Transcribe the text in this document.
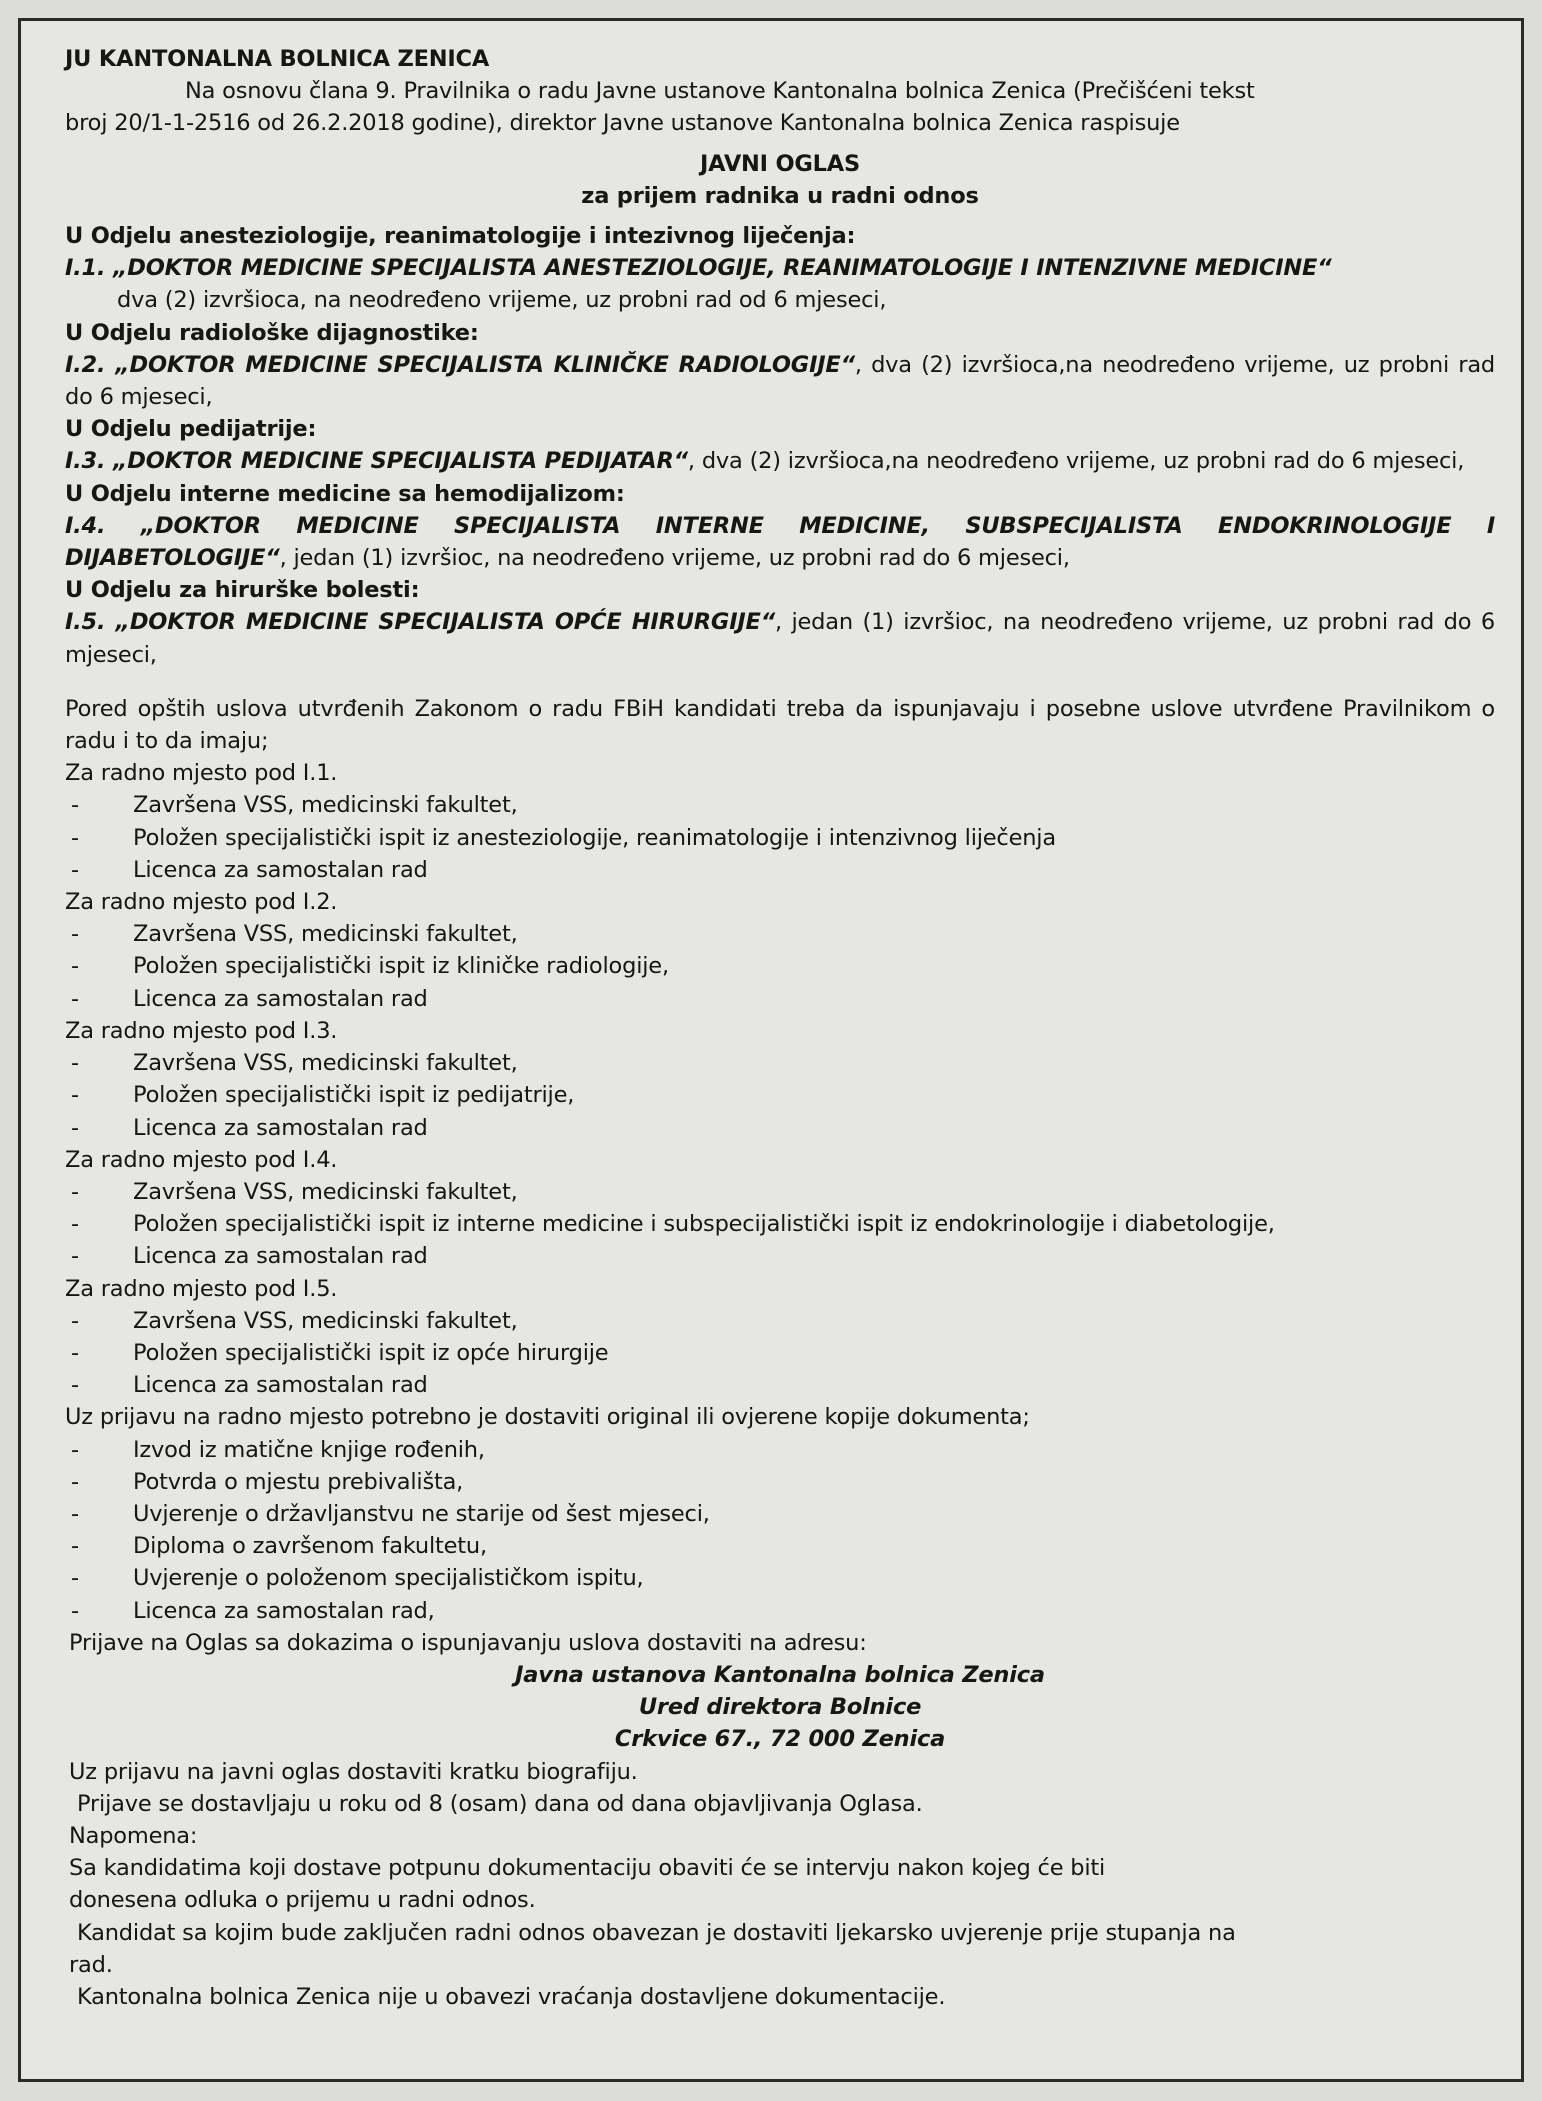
JU KANTONALNA BOLNICA ZENICA
Na osnovu člana 9. Pravilnika o radu Javne ustanove Kantonalna bolnica Zenica (Prečišćeni tekst
broj 20/1-1-2516 od 26.2.2018 godine), direktor Javne ustanove Kantonalna bolnica Zenica raspisuje
JAVNI OGLAS
za prijem radnika u radni odnos
U Odjelu anesteziologije, reanimatologije i intezivnog liječenja:
I.1. „DOKTOR MEDICINE SPECIJALISTA ANESTEZIOLOGIJE, REANIMATOLOGIJE I INTENZIVNE MEDICINE“
dva (2) izvršioca, na neodređeno vrijeme, uz probni rad od 6 mjeseci,
U Odjelu radiološke dijagnostike:
I.2. „DOKTOR MEDICINE SPECIJALISTA KLINIČKE RADIOLOGIJE“, dva (2) izvršioca,na neodređeno vrijeme, uz probni rad do 6 mjeseci,
U Odjelu pedijatrije:
I.3. „DOKTOR MEDICINE SPECIJALISTA PEDIJATAR“, dva (2) izvršioca,na neodređeno vrijeme, uz probni rad do 6 mjeseci,
U Odjelu interne medicine sa hemodijalizom:
I.4. „DOKTOR MEDICINE SPECIJALISTA INTERNE MEDICINE, SUBSPECIJALISTA ENDOKRINOLOGIJE I DIJABETOLOGIJE“, jedan (1) izvršioc, na neodređeno vrijeme, uz probni rad do 6 mjeseci,
U Odjelu za hirurške bolesti:
I.5. „DOKTOR MEDICINE SPECIJALISTA OPĆE HIRURGIJE“, jedan (1) izvršioc, na neodređeno vrijeme, uz probni rad do 6 mjeseci,
Pored opštih uslova utvrđenih Zakonom o radu FBiH kandidati treba da ispunjavaju i posebne uslove utvrđene Pravilnikom o radu i to da imaju;
Za radno mjesto pod I.1.
-	Završena VSS, medicinski fakultet,
-	Položen specijalistički ispit iz anesteziologije, reanimatologije i intenzivnog liječenja
-	Licenca za samostalan rad
Za radno mjesto pod I.2.
-	Završena VSS, medicinski fakultet,
-	Položen specijalistički ispit iz kliničke radiologije,
-	Licenca za samostalan rad
Za radno mjesto pod I.3.
-	Završena VSS, medicinski fakultet,
-	Položen specijalistički ispit iz pedijatrije,
-	Licenca za samostalan rad
Za radno mjesto pod I.4.
-	Završena VSS, medicinski fakultet,
-	Položen specijalistički ispit iz interne medicine i subspecijalistički ispit iz endokrinologije i diabetologije,
-	Licenca za samostalan rad
Za radno mjesto pod I.5.
-	Završena VSS, medicinski fakultet,
-	Položen specijalistički ispit iz opće hirurgije
-	Licenca za samostalan rad
Uz prijavu na radno mjesto potrebno je dostaviti original ili ovjerene kopije dokumenta;
-	Izvod iz matične knjige rođenih,
-	Potvrda o mjestu prebivališta,
-	Uvjerenje o državljanstvu ne starije od šest mjeseci,
-	Diploma o završenom fakultetu,
-	Uvjerenje o položenom specijalističkom ispitu,
-	Licenca za samostalan rad,
Prijave na Oglas sa dokazima o ispunjavanju uslova dostaviti na adresu:
Javna ustanova Kantonalna bolnica Zenica
Ured direktora Bolnice
Crkvice 67., 72 000 Zenica
Uz prijavu na javni oglas dostaviti kratku biografiju.
Prijave se dostavljaju u roku od 8 (osam) dana od dana objavljivanja Oglasa.
Napomena:
Sa kandidatima koji dostave potpunu dokumentaciju obaviti će se intervju nakon kojeg će biti
donesena odluka o prijemu u radni odnos.
Kandidat sa kojim bude zaključen radni odnos obavezan je dostaviti ljekarsko uvjerenje prije stupanja na
rad.
Kantonalna bolnica Zenica nije u obavezi vraćanja dostavljene dokumentacije.
